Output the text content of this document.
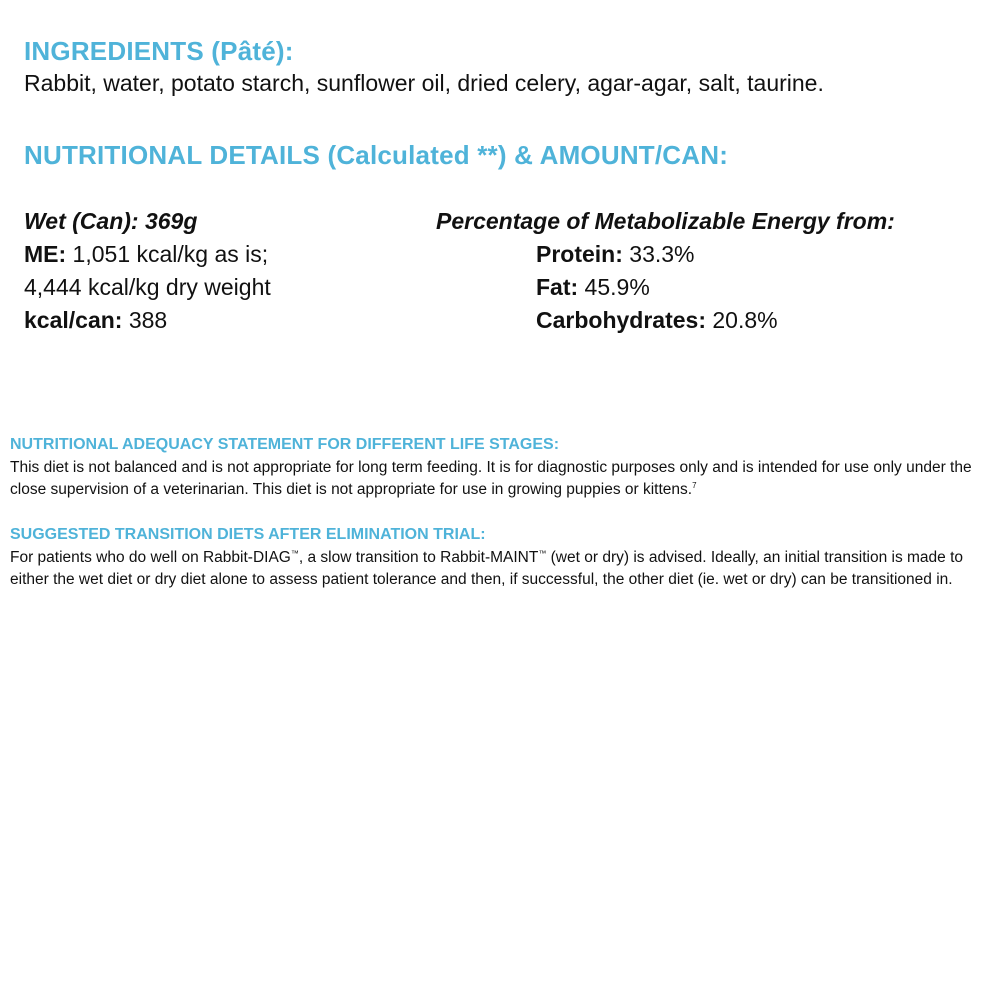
INGREDIENTS (Pâté):

Rabbit, water, potato starch, sunflower oil, dried celery, agar-agar, salt, taurine.

NUTRITIONAL DETAILS (Calculated **) & AMOUNT/CAN:
Wet (Can): 369g
ME: 1,051 kcal/kg as is;
4,444 kcal/kg dry weight
kcal/can: 388
Percentage of Metabolizable Energy from:
Protein: 33.3%
Fat: 45.9%
Carbohydrates: 20.8%
NUTRITIONAL ADEQUACY STATEMENT FOR DIFFERENT LIFE STAGES:

This diet is not balanced and is not appropriate for long term feeding. It is for diagnostic purposes only and is intended for use only under the close supervision of a veterinarian. This diet is not appropriate for use in growing puppies or kittens.$^7$

SUGGESTED TRANSITION DIETS AFTER ELIMINATION TRIAL:

For patients who do well on Rabbit-DIAG™, a slow transition to Rabbit-MAINT™ (wet or dry) is advised. Ideally, an initial transition is made to either the wet diet or dry diet alone to assess patient tolerance and then, if successful, the other diet (ie. wet or dry) can be transitioned in.
